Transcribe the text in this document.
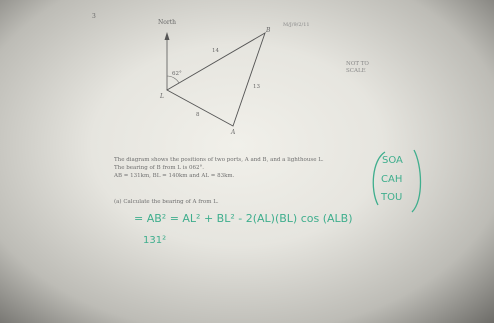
3
M/J/9/2/11
North
62°
14
13
8
B
L
A
SOA
CAH
TOU
= AB² = AL² + BL² - 2(AL)(BL) cos (ALB)
131²
NOT TO
SCALE
The diagram shows the positions of two ports, A and B, and a lighthouse L.
The bearing of B from L is 062°.
AB = 131km, BL = 140km and AL = 83km.
(a) Calculate the bearing of A from L.
